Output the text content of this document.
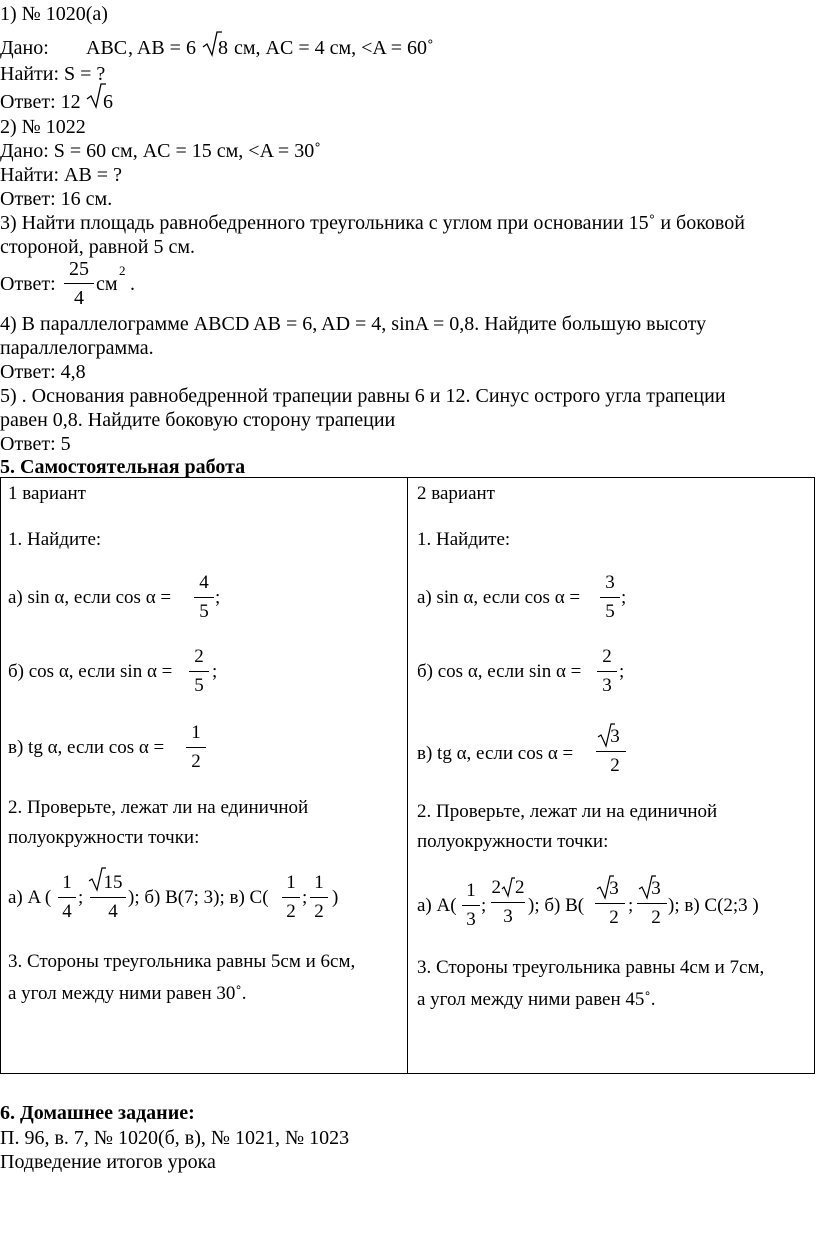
1) № 1020(а)
Дано: ABC , AB = 6 8 см, AC = 4 см, <A = 60˚
Найти: S = ?
Ответ: 12 6
2) № 1022
Дано: S = 60 см, AC = 15 см, <A = 30˚
Найти: AB = ?
Ответ: 16 см.
3) Найти площадь равнобедренного треугольника с углом при основании 15˚ и боковой
стороной, равной 5 см.
Ответ:
25
4
см
2
.
4) В параллелограмме ABCD AB = 6, AD = 4, sinA = 0,8. Найдите большую высоту
параллелограмма.
Ответ: 4,8
5) . Основания равнобедренной трапеции равны 6 и 12. Синус острого угла трапеции
равен 0,8. Найдите боковую сторону трапеции
Ответ: 5
5. Самостоятельная работа
1 вариант
1. Найдите:
а) sin α, если cos α =
4
5
;
б) cos α, если sin α =
2
5
;
в) tg α, если cos α =
1
2
2. Проверьте, лежат ли на единичной
полуокружности точки:
а) A (
1
4
;
15
4
); б) B(7; 3); в) C(
1
2
;
1
2
)
3. Стороны треугольника равны 5см и 6см,
а угол между ними равен 30˚.
2 вариант
1. Найдите:
а) sin α, если cos α =
3
5
;
б) cos α, если sin α =
2
3
;
в) tg α, если cos α =
3
2
2. Проверьте, лежат ли на единичной
полуокружности точки:
а) A(
1
3
;
2 2
3
); б) B(
3
2
;
3
2
); в) C(2;3 )
3. Стороны треугольника равны 4см и 7см,
а угол между ними равен 45˚.
6. Домашнее задание:
П. 96, в. 7, № 1020(б, в), № 1021, № 1023
Подведение итогов урока
